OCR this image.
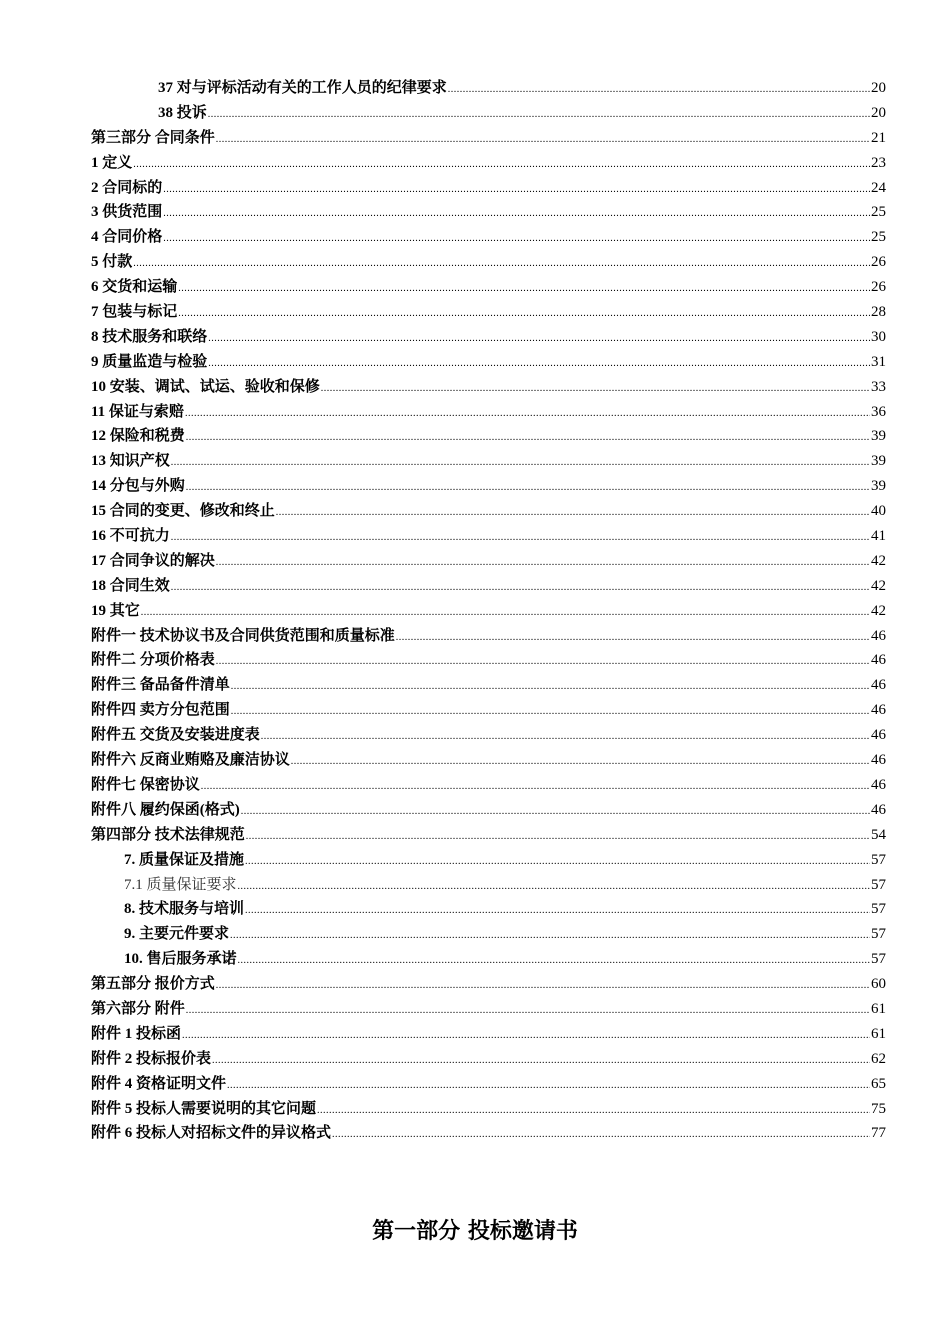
37 对与评标活动有关的工作人员的纪律要求 .....	20
38 投诉 .....	20
第三部分 合同条件 .....	21
1 定义 .....	23
2 合同标的 .....	24
3 供货范围 .....	25
4 合同价格 .....	25
5 付款 .....	26
6 交货和运输 .....	26
7 包装与标记 .....	28
8 技术服务和联络 .....	30
9 质量监造与检验 .....	31
10 安装、调试、试运、验收和保修 .....	33
11 保证与索赔 .....	36
12 保险和税费 .....	39
13 知识产权 .....	39
14 分包与外购 .....	39
15 合同的变更、修改和终止 .....	40
16 不可抗力 .....	41
17 合同争议的解决 .....	42
18 合同生效 .....	42
19 其它 .....	42
附件一 技术协议书及合同供货范围和质量标准 .....	46
附件二 分项价格表 .....	46
附件三 备品备件清单 .....	46
附件四 卖方分包范围 .....	46
附件五 交货及安装进度表 .....	46
附件六 反商业贿赂及廉洁协议 .....	46
附件七 保密协议 .....	46
附件八 履约保函(格式) .....	46
第四部分 技术法律规范 .....	54
7. 质量保证及措施 .....	57
7.1 质量保证要求 .....	57
8. 技术服务与培训 .....	57
9. 主要元件要求 .....	57
10. 售后服务承诺 .....	57
第五部分 报价方式 .....	60
第六部分 附件 .....	61
附件 1 投标函 .....	61
附件 2 投标报价表 .....	62
附件 4 资格证明文件 .....	65
附件 5 投标人需要说明的其它问题 .....	75
附件 6 投标人对招标文件的异议格式 .....	77
第一部分 投标邀请书
